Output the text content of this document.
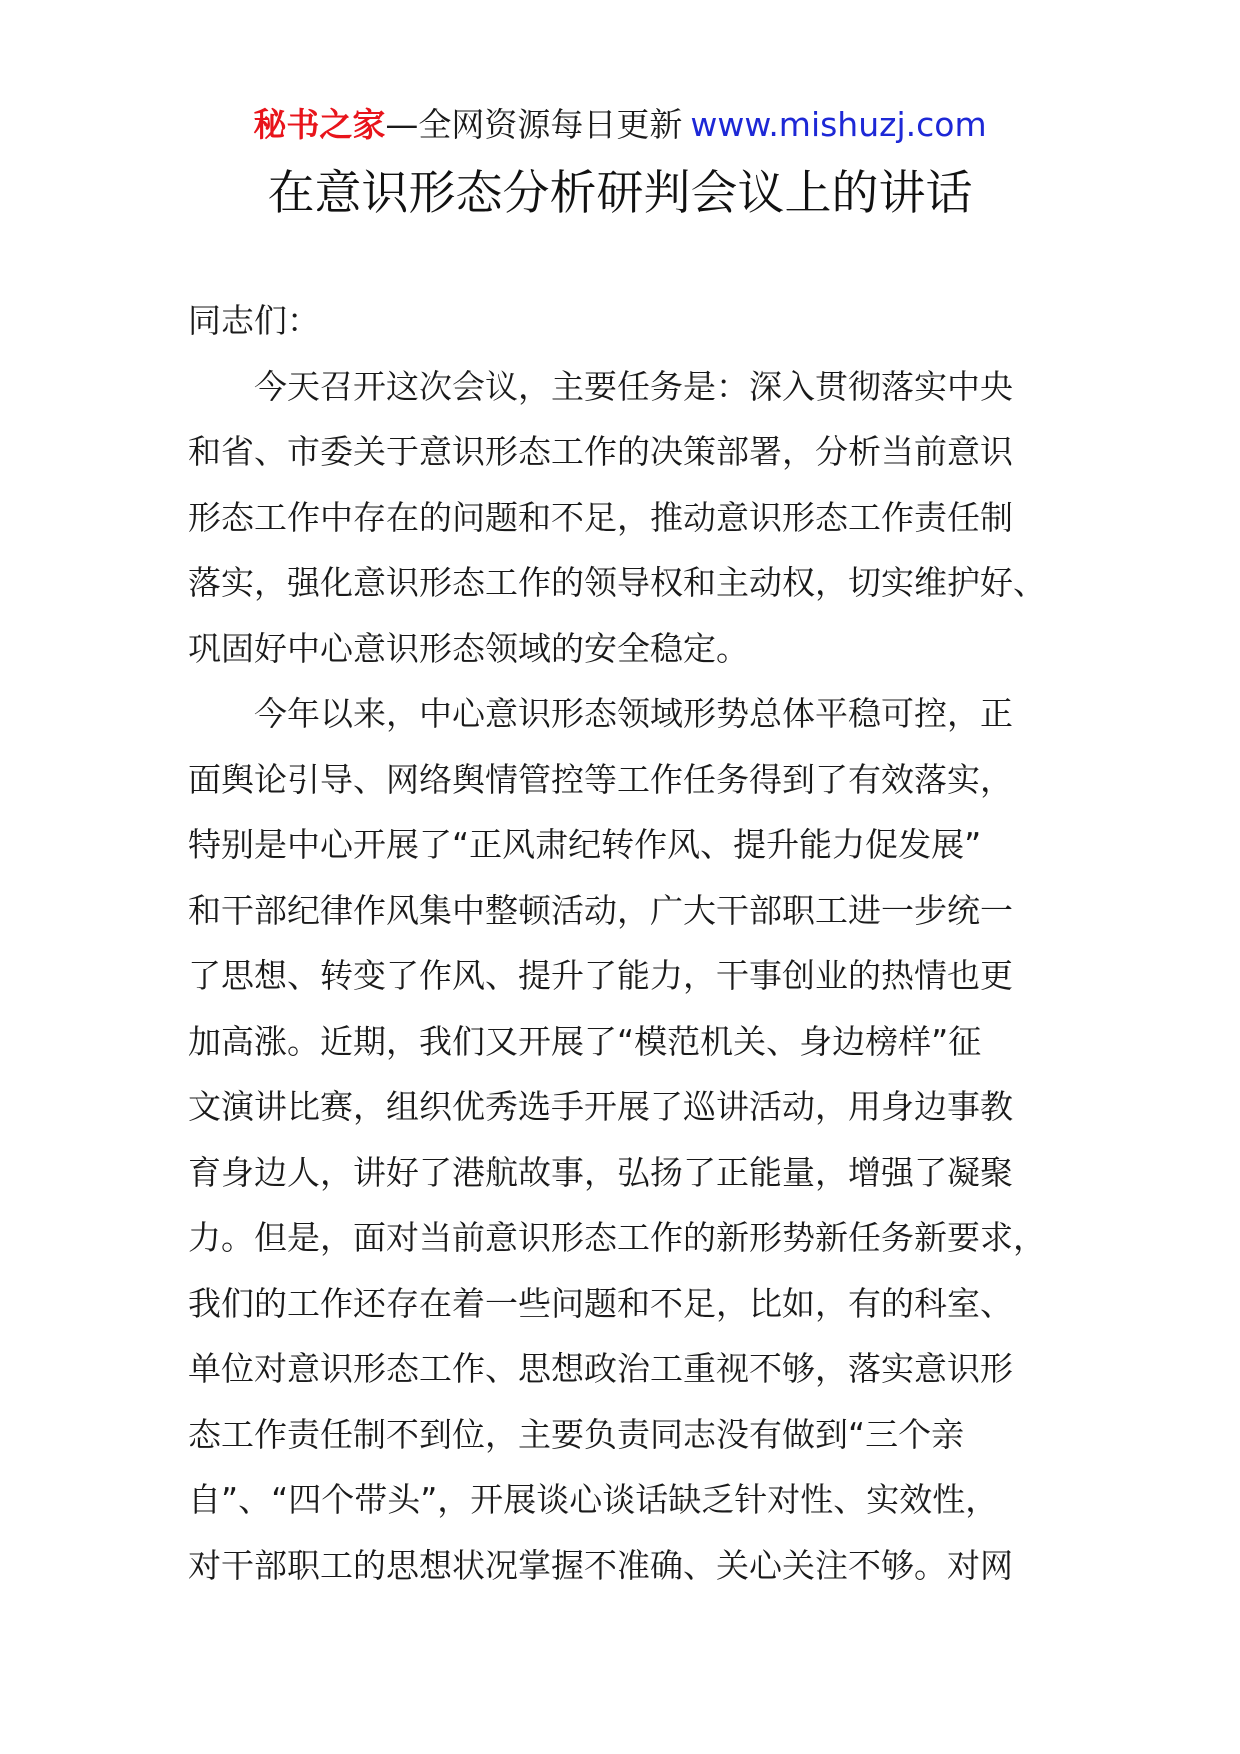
秘书之家—全网资源每日更新 www.mishuzj.com
在意识形态分析研判会议上的讲话
同志们：
今天召开这次会议，主要任务是：深入贯彻落实中央
和省、市委关于意识形态工作的决策部署，分析当前意识
形态工作中存在的问题和不足，推动意识形态工作责任制
落实，强化意识形态工作的领导权和主动权，切实维护好、
巩固好中心意识形态领域的安全稳定。
今年以来，中心意识形态领域形势总体平稳可控，正
面舆论引导、网络舆情管控等工作任务得到了有效落实，
特别是中心开展了“正风肃纪转作风、提升能力促发展”
和干部纪律作风集中整顿活动，广大干部职工进一步统一
了思想、转变了作风、提升了能力，干事创业的热情也更
加高涨。近期，我们又开展了“模范机关、身边榜样”征
文演讲比赛，组织优秀选手开展了巡讲活动，用身边事教
育身边人，讲好了港航故事，弘扬了正能量，增强了凝聚
力。但是，面对当前意识形态工作的新形势新任务新要求，
我们的工作还存在着一些问题和不足，比如，有的科室、
单位对意识形态工作、思想政治工重视不够，落实意识形
态工作责任制不到位，主要负责同志没有做到“三个亲
自”、“四个带头”，开展谈心谈话缺乏针对性、实效性，
对干部职工的思想状况掌握不准确、关心关注不够。对网
